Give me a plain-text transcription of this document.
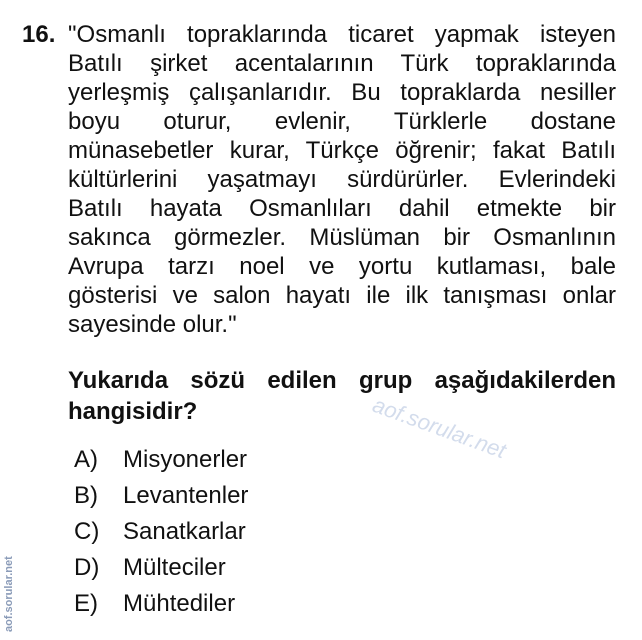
16. "Osmanlı topraklarında ticaret yapmak isteyen
Batılı şirket acentalarının Türk topraklarında
yerleşmiş çalışanlarıdır. Bu topraklarda nesiller
boyu oturur, evlenir, Türklerle dostane
münasebetler kurar, Türkçe öğrenir; fakat Batılı
kültürlerini yaşatmayı sürdürürler. Evlerindeki
Batılı hayata Osmanlıları dahil etmekte bir
sakınca görmezler. Müslüman bir Osmanlının
Avrupa tarzı noel ve yortu kutlaması, bale
gösterisi ve salon hayatı ile ilk tanışması onlar
sayesinde olur."
Yukarıda sözü edilen grup aşağıdakilerden
hangisidir?
A) Misyonerler
B) Levantenler
C) Sanatkarlar
D) Mülteciler
E) Mühtediler
aof.sorular.net
aof.sorular.net
